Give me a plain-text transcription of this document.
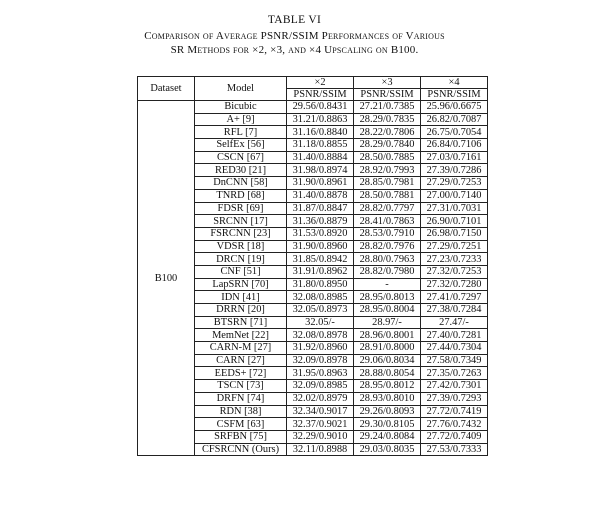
TABLE VI
Comparison of Average PSNR/SSIM Performances of Various
SR Methods for ×2, ×3, and ×4 Upscaling on B100.
Dataset	Model	×2	×3	×4
		PSNR/SSIM	PSNR/SSIM	PSNR/SSIM
B100	Bicubic	29.56/0.8431	27.21/0.7385	25.96/0.6675
	A+ [9]	31.21/0.8863	28.29/0.7835	26.82/0.7087
	RFL [7]	31.16/0.8840	28.22/0.7806	26.75/0.7054
	SelfEx [56]	31.18/0.8855	28.29/0.7840	26.84/0.7106
	CSCN [67]	31.40/0.8884	28.50/0.7885	27.03/0.7161
	RED30 [21]	31.98/0.8974	28.92/0.7993	27.39/0.7286
	DnCNN [58]	31.90/0.8961	28.85/0.7981	27.29/0.7253
	TNRD [68]	31.40/0.8878	28.50/0.7881	27.00/0.7140
	FDSR [69]	31.87/0.8847	28.82/0.7797	27.31/0.7031
	SRCNN [17]	31.36/0.8879	28.41/0.7863	26.90/0.7101
	FSRCNN [23]	31.53/0.8920	28.53/0.7910	26.98/0.7150
	VDSR [18]	31.90/0.8960	28.82/0.7976	27.29/0.7251
	DRCN [19]	31.85/0.8942	28.80/0.7963	27.23/0.7233
	CNF [51]	31.91/0.8962	28.82/0.7980	27.32/0.7253
	LapSRN [70]	31.80/0.8950	-	27.32/0.7280
	IDN [41]	32.08/0.8985	28.95/0.8013	27.41/0.7297
	DRRN [20]	32.05/0.8973	28.95/0.8004	27.38/0.7284
	BTSRN [71]	32.05/-	28.97/-	27.47/-
	MemNet [22]	32.08/0.8978	28.96/0.8001	27.40/0.7281
	CARN-M [27]	31.92/0.8960	28.91/0.8000	27.44/0.7304
	CARN [27]	32.09/0.8978	29.06/0.8034	27.58/0.7349
	EEDS+ [72]	31.95/0.8963	28.88/0.8054	27.35/0.7263
	TSCN [73]	32.09/0.8985	28.95/0.8012	27.42/0.7301
	DRFN [74]	32.02/0.8979	28.93/0.8010	27.39/0.7293
	RDN [38]	32.34/0.9017	29.26/0.8093	27.72/0.7419
	CSFM [63]	32.37/0.9021	29.30/0.8105	27.76/0.7432
	SRFBN [75]	32.29/0.9010	29.24/0.8084	27.72/0.7409
	CFSRCNN (Ours)	32.11/0.8988	29.03/0.8035	27.53/0.7333
